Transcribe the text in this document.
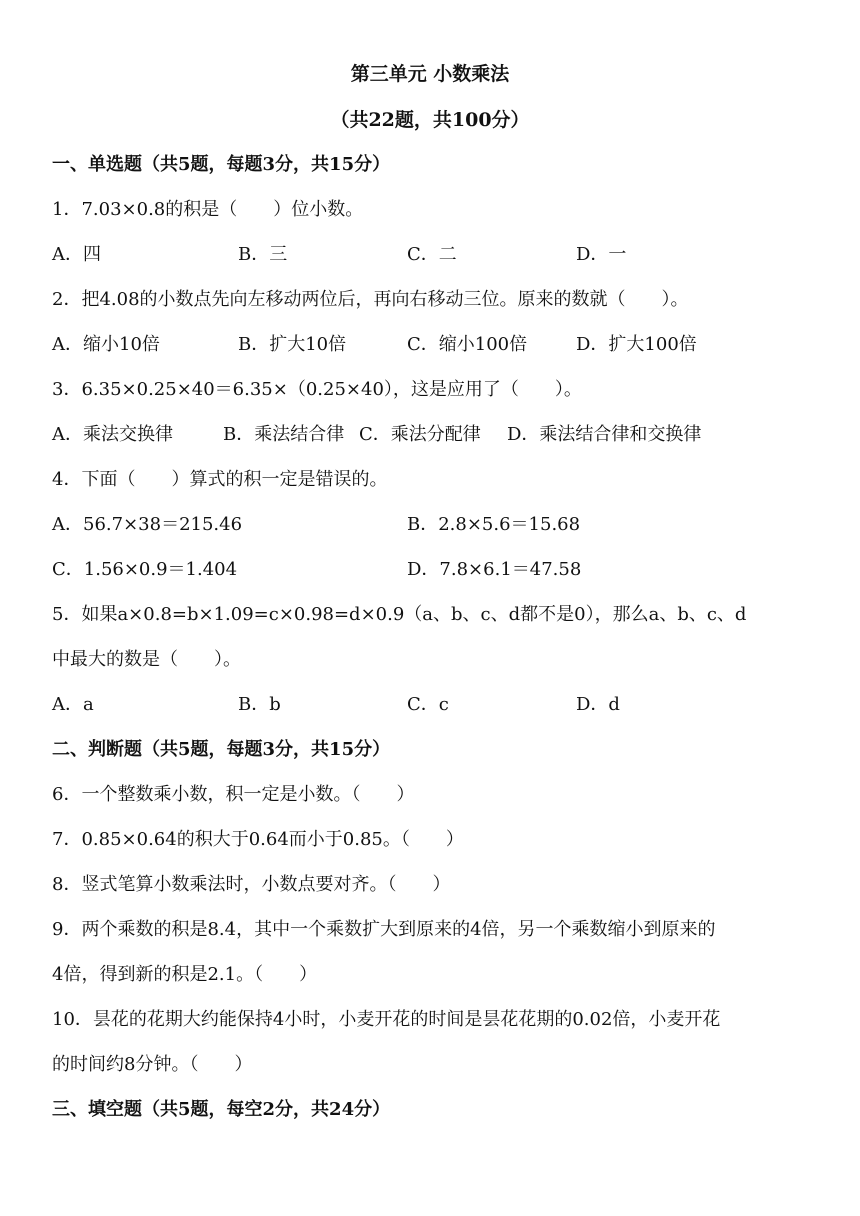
第三单元 小数乘法
（共22题，共100分）
一、单选题（共5题，每题3分，共15分）
1．7.03×0.8的积是（　　）位小数。
A．四	B．三	C．二	D．一
2．把4.08的小数点先向左移动两位后，再向右移动三位。原来的数就（　　）。
A．缩小10倍	B．扩大10倍	C．缩小100倍	D．扩大100倍
3．6.35×0.25×40＝6.35×（0.25×40），这是应用了（　　）。
A．乘法交换律	B．乘法结合律 C．乘法分配律 D．乘法结合律和交换律
4．下面（　　）算式的积一定是错误的。
A．56.7×38＝215.46	B．2.8×5.6＝15.68
C．1.56×0.9＝1.404	D．7.8×6.1＝47.58
5．如果a×0.8=b×1.09=c×0.98=d×0.9（a、b、c、d都不是0），那么a、b、c、d
中最大的数是（　　）。
A．a	B．b	C．c	D．d
二、判断题（共5题，每题3分，共15分）
6．一个整数乘小数，积一定是小数。（　　）
7．0.85×0.64的积大于0.64而小于0.85。（　　）
8．竖式笔算小数乘法时，小数点要对齐。（　　）
9．两个乘数的积是8.4，其中一个乘数扩大到原来的4倍，另一个乘数缩小到原来的
4倍，得到新的积是2.1。（　　）
10．昙花的花期大约能保持4小时，小麦开花的时间是昙花花期的0.02倍，小麦开花
的时间约8分钟。（　　）
三、填空题（共5题，每空2分，共24分）
